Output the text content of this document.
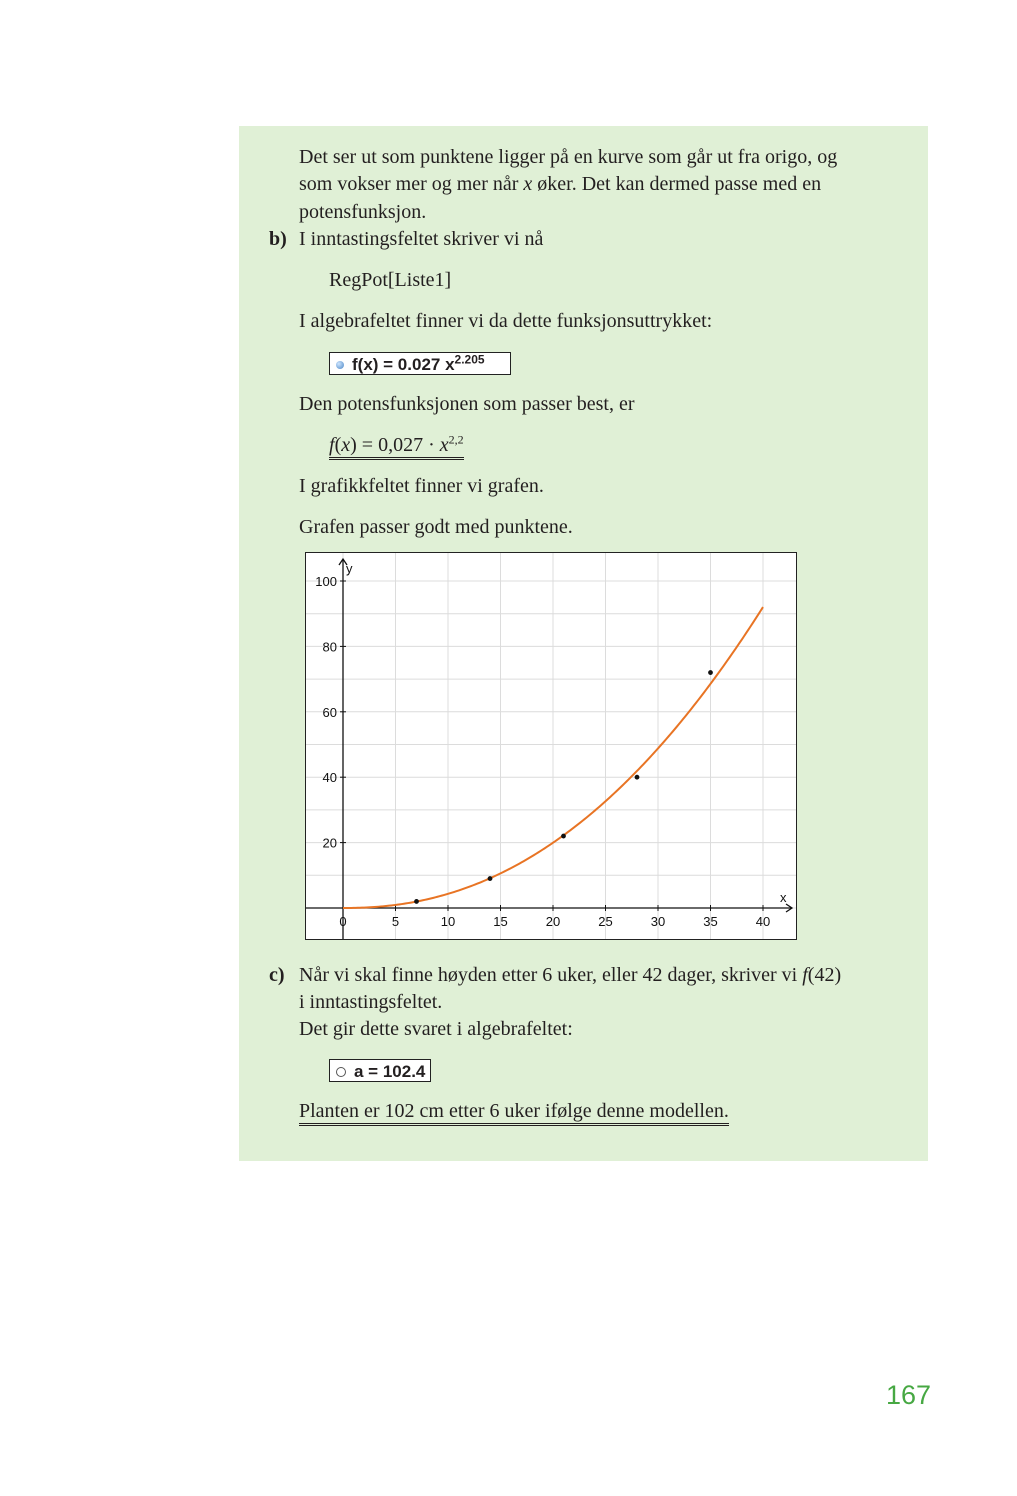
Det ser ut som punktene ligger på en kurve som går ut fra origo, og
som vokser mer og mer når x øker. Det kan dermed passe med en
potensfunksjon.
b) I inntastingsfeltet skriver vi nå
RegPot[Liste1]
I algebrafeltet finner vi da dette funksjonsuttrykket:
f(x) = 0.027 $x^{2.205}$
Den potensfunksjonen som passer best, er
$f(x) = 0,027 \cdot x^{2,2}$
I grafikkfeltet finner vi grafen.
Grafen passer godt med punktene.
x
y
0	5	10	15	20	25	30	35	40
100
80
60
40
20
c) Når vi skal finne høyden etter 6 uker, eller 42 dager, skriver vi f(42)
i inntastingsfeltet.
Det gir dette svaret i algebrafeltet:
a = 102.4
Planten er 102 cm etter 6 uker ifølge denne modellen.
167
